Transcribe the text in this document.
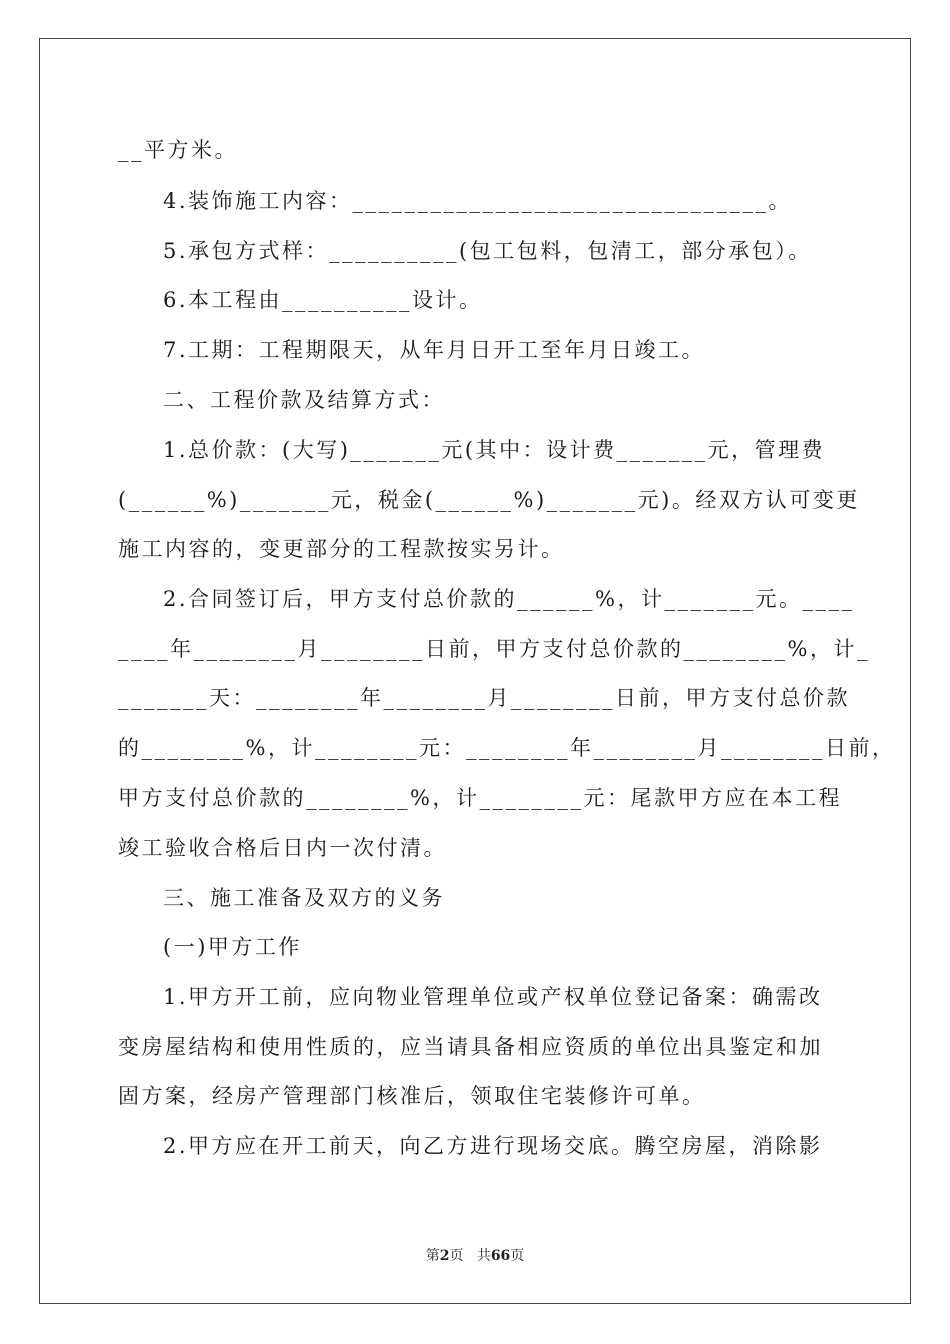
__平方米。
4.装饰施工内容：________________________________。
5.承包方式样：__________(包工包料，包清工，部分承包）。
6.本工程由__________设计。
7.工期：工程期限天，从年月日开工至年月日竣工。
二、工程价款及结算方式：
1.总价款：(大写)_______元(其中：设计费_______元，管理费
(______%)_______元，税金(______%)_______元)。经双方认可变更
施工内容的，变更部分的工程款按实另计。
2.合同签订后，甲方支付总价款的______%，计_______元。____
____年________月________日前，甲方支付总价款的________%，计_
_______天：________年________月________日前，甲方支付总价款
的________%，计________元：________年________月________日前，
甲方支付总价款的________%，计________元：尾款甲方应在本工程
竣工验收合格后日内一次付清。
三、施工准备及双方的义务
(一)甲方工作
1.甲方开工前，应向物业管理单位或产权单位登记备案：确需改
变房屋结构和使用性质的，应当请具备相应资质的单位出具鉴定和加
固方案，经房产管理部门核准后，领取住宅装修许可单。
2.甲方应在开工前天，向乙方进行现场交底。腾空房屋，消除影
第2页 共66页
